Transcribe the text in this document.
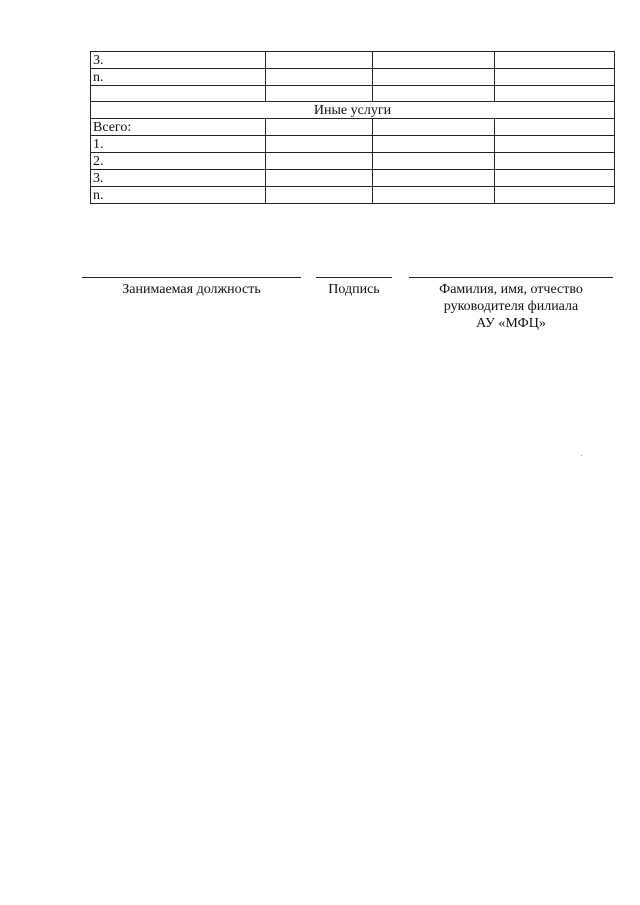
3.			
n.			

Иные услуги			
Всего:			
1.			
2.			
3.			
n.			
Занимаемая должность	Подпись	Фамилия, имя, отчество
руководителя филиала
АУ «МФЦ»
